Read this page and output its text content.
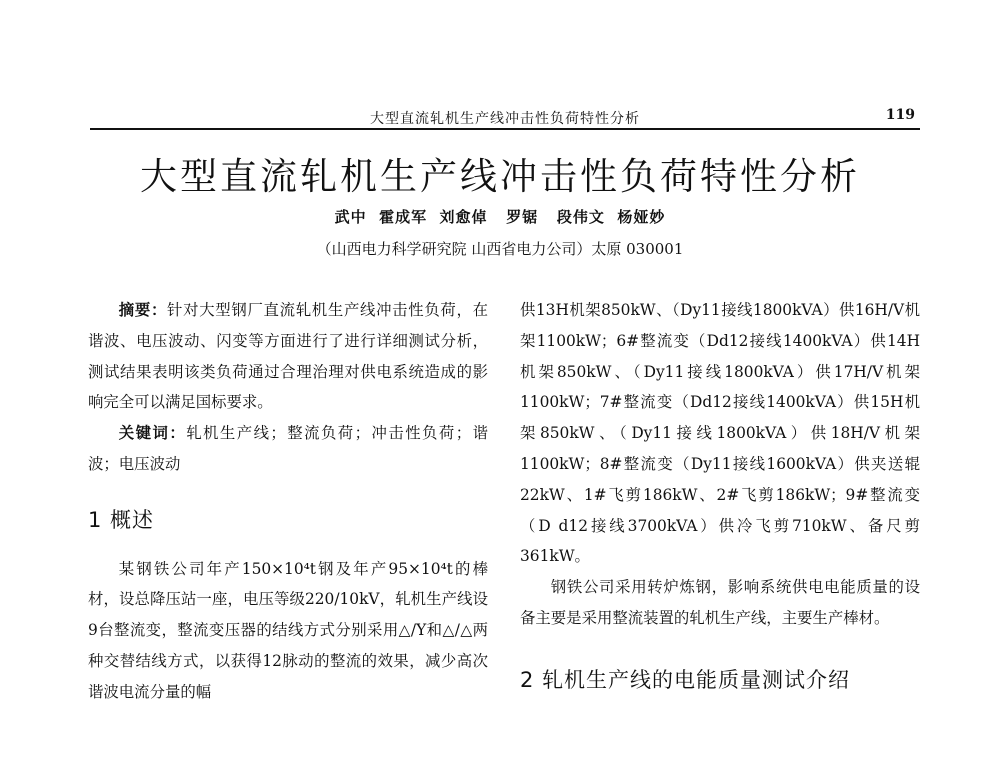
大型直流轧机生产线冲击性负荷特性分析	119
大型直流轧机生产线冲击性负荷特性分析
武中  霍成军  刘愈倬   罗锯   段伟文  杨娅妙
（山西电力科学研究院 山西省电力公司）太原 030001

摘要：针对大型钢厂直流轧机生产线冲击性负荷，在谐波、电压波动、闪变等方面进行了进行详细测试分析，测试结果表明该类负荷通过合理治理对供电系统造成的影响完全可以满足国标要求。

关键词：轧机生产线；整流负荷；冲击性负荷；谐波；电压波动

1 概述

某钢铁公司年产150×10⁴t钢及年产95×10⁴t的棒材，设总降压站一座，电压等级220/10kV，轧机生产线设9台整流变，整流变压器的结线方式分别采用△/Y和△/△两种交替结线方式，以获得12脉动的整流的效果，减少高次谐波电流分量的幅

供13H机架850kW、（Dy11接线1800kVA）供16H/V机架1100kW；6#整流变（Dd12接线1400kVA）供14H机架850kW、（Dy11接线1800kVA）供17H/V机架1100kW；7#整流变（Dd12接线1400kVA）供15H机架850kW、（Dy11接线1800kVA）供18H/V机架1100kW；8#整流变（Dy11接线1600kVA）供夹送辊22kW、1#飞剪186kW、2#飞剪186kW；9#整流变（D d12接线3700kVA）供冷飞剪710kW、备尺剪361kW。

钢铁公司采用转炉炼钢，影响系统供电电能质量的设备主要是采用整流装置的轧机生产线，主要生产棒材。

2 轧机生产线的电能质量测试介绍
